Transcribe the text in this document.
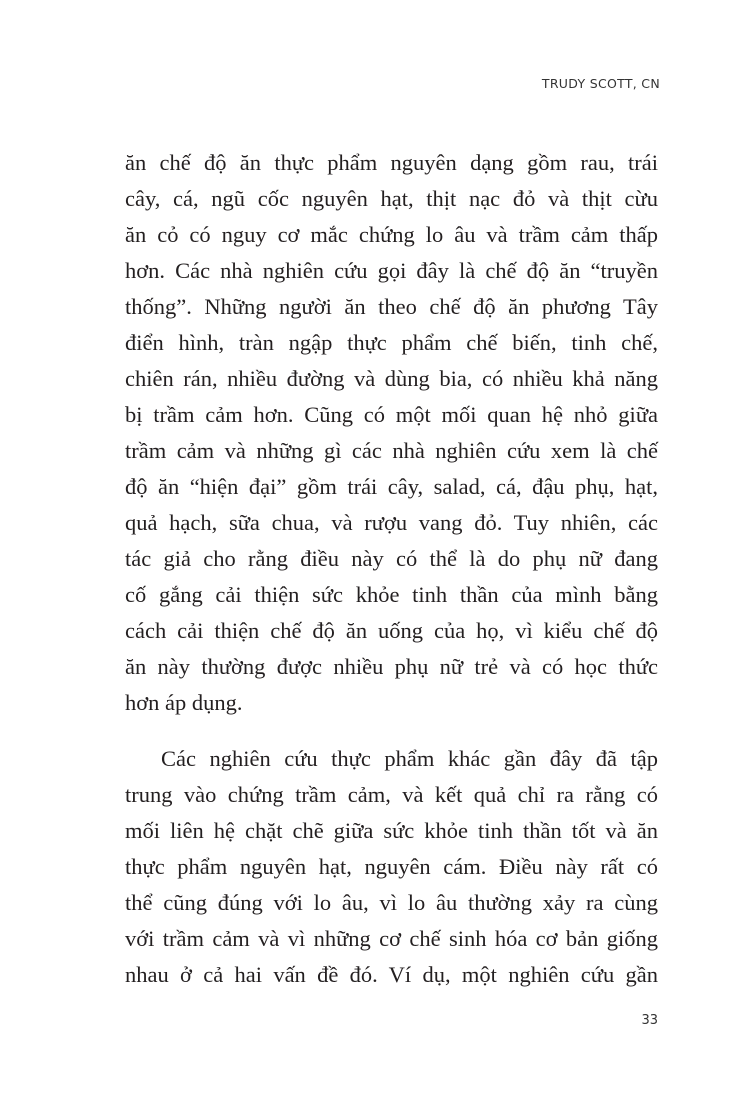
TRUDY SCOTT, CN
ăn chế độ ăn thực phẩm nguyên dạng gồm rau, trái
cây, cá, ngũ cốc nguyên hạt, thịt nạc đỏ và thịt cừu
ăn cỏ có nguy cơ mắc chứng lo âu và trầm cảm thấp
hơn. Các nhà nghiên cứu gọi đây là chế độ ăn “truyền
thống”. Những người ăn theo chế độ ăn phương Tây
điển hình, tràn ngập thực phẩm chế biến, tinh chế,
chiên rán, nhiều đường và dùng bia, có nhiều khả năng
bị trầm cảm hơn. Cũng có một mối quan hệ nhỏ giữa
trầm cảm và những gì các nhà nghiên cứu xem là chế
độ ăn “hiện đại” gồm trái cây, salad, cá, đậu phụ, hạt,
quả hạch, sữa chua, và rượu vang đỏ. Tuy nhiên, các
tác giả cho rằng điều này có thể là do phụ nữ đang
cố gắng cải thiện sức khỏe tinh thần của mình bằng
cách cải thiện chế độ ăn uống của họ, vì kiểu chế độ
ăn này thường được nhiều phụ nữ trẻ và có học thức
hơn áp dụng.
Các nghiên cứu thực phẩm khác gần đây đã tập
trung vào chứng trầm cảm, và kết quả chỉ ra rằng có
mối liên hệ chặt chẽ giữa sức khỏe tinh thần tốt và ăn
thực phẩm nguyên hạt, nguyên cám. Điều này rất có
thể cũng đúng với lo âu, vì lo âu thường xảy ra cùng
với trầm cảm và vì những cơ chế sinh hóa cơ bản giống
nhau ở cả hai vấn đề đó. Ví dụ, một nghiên cứu gần
33
